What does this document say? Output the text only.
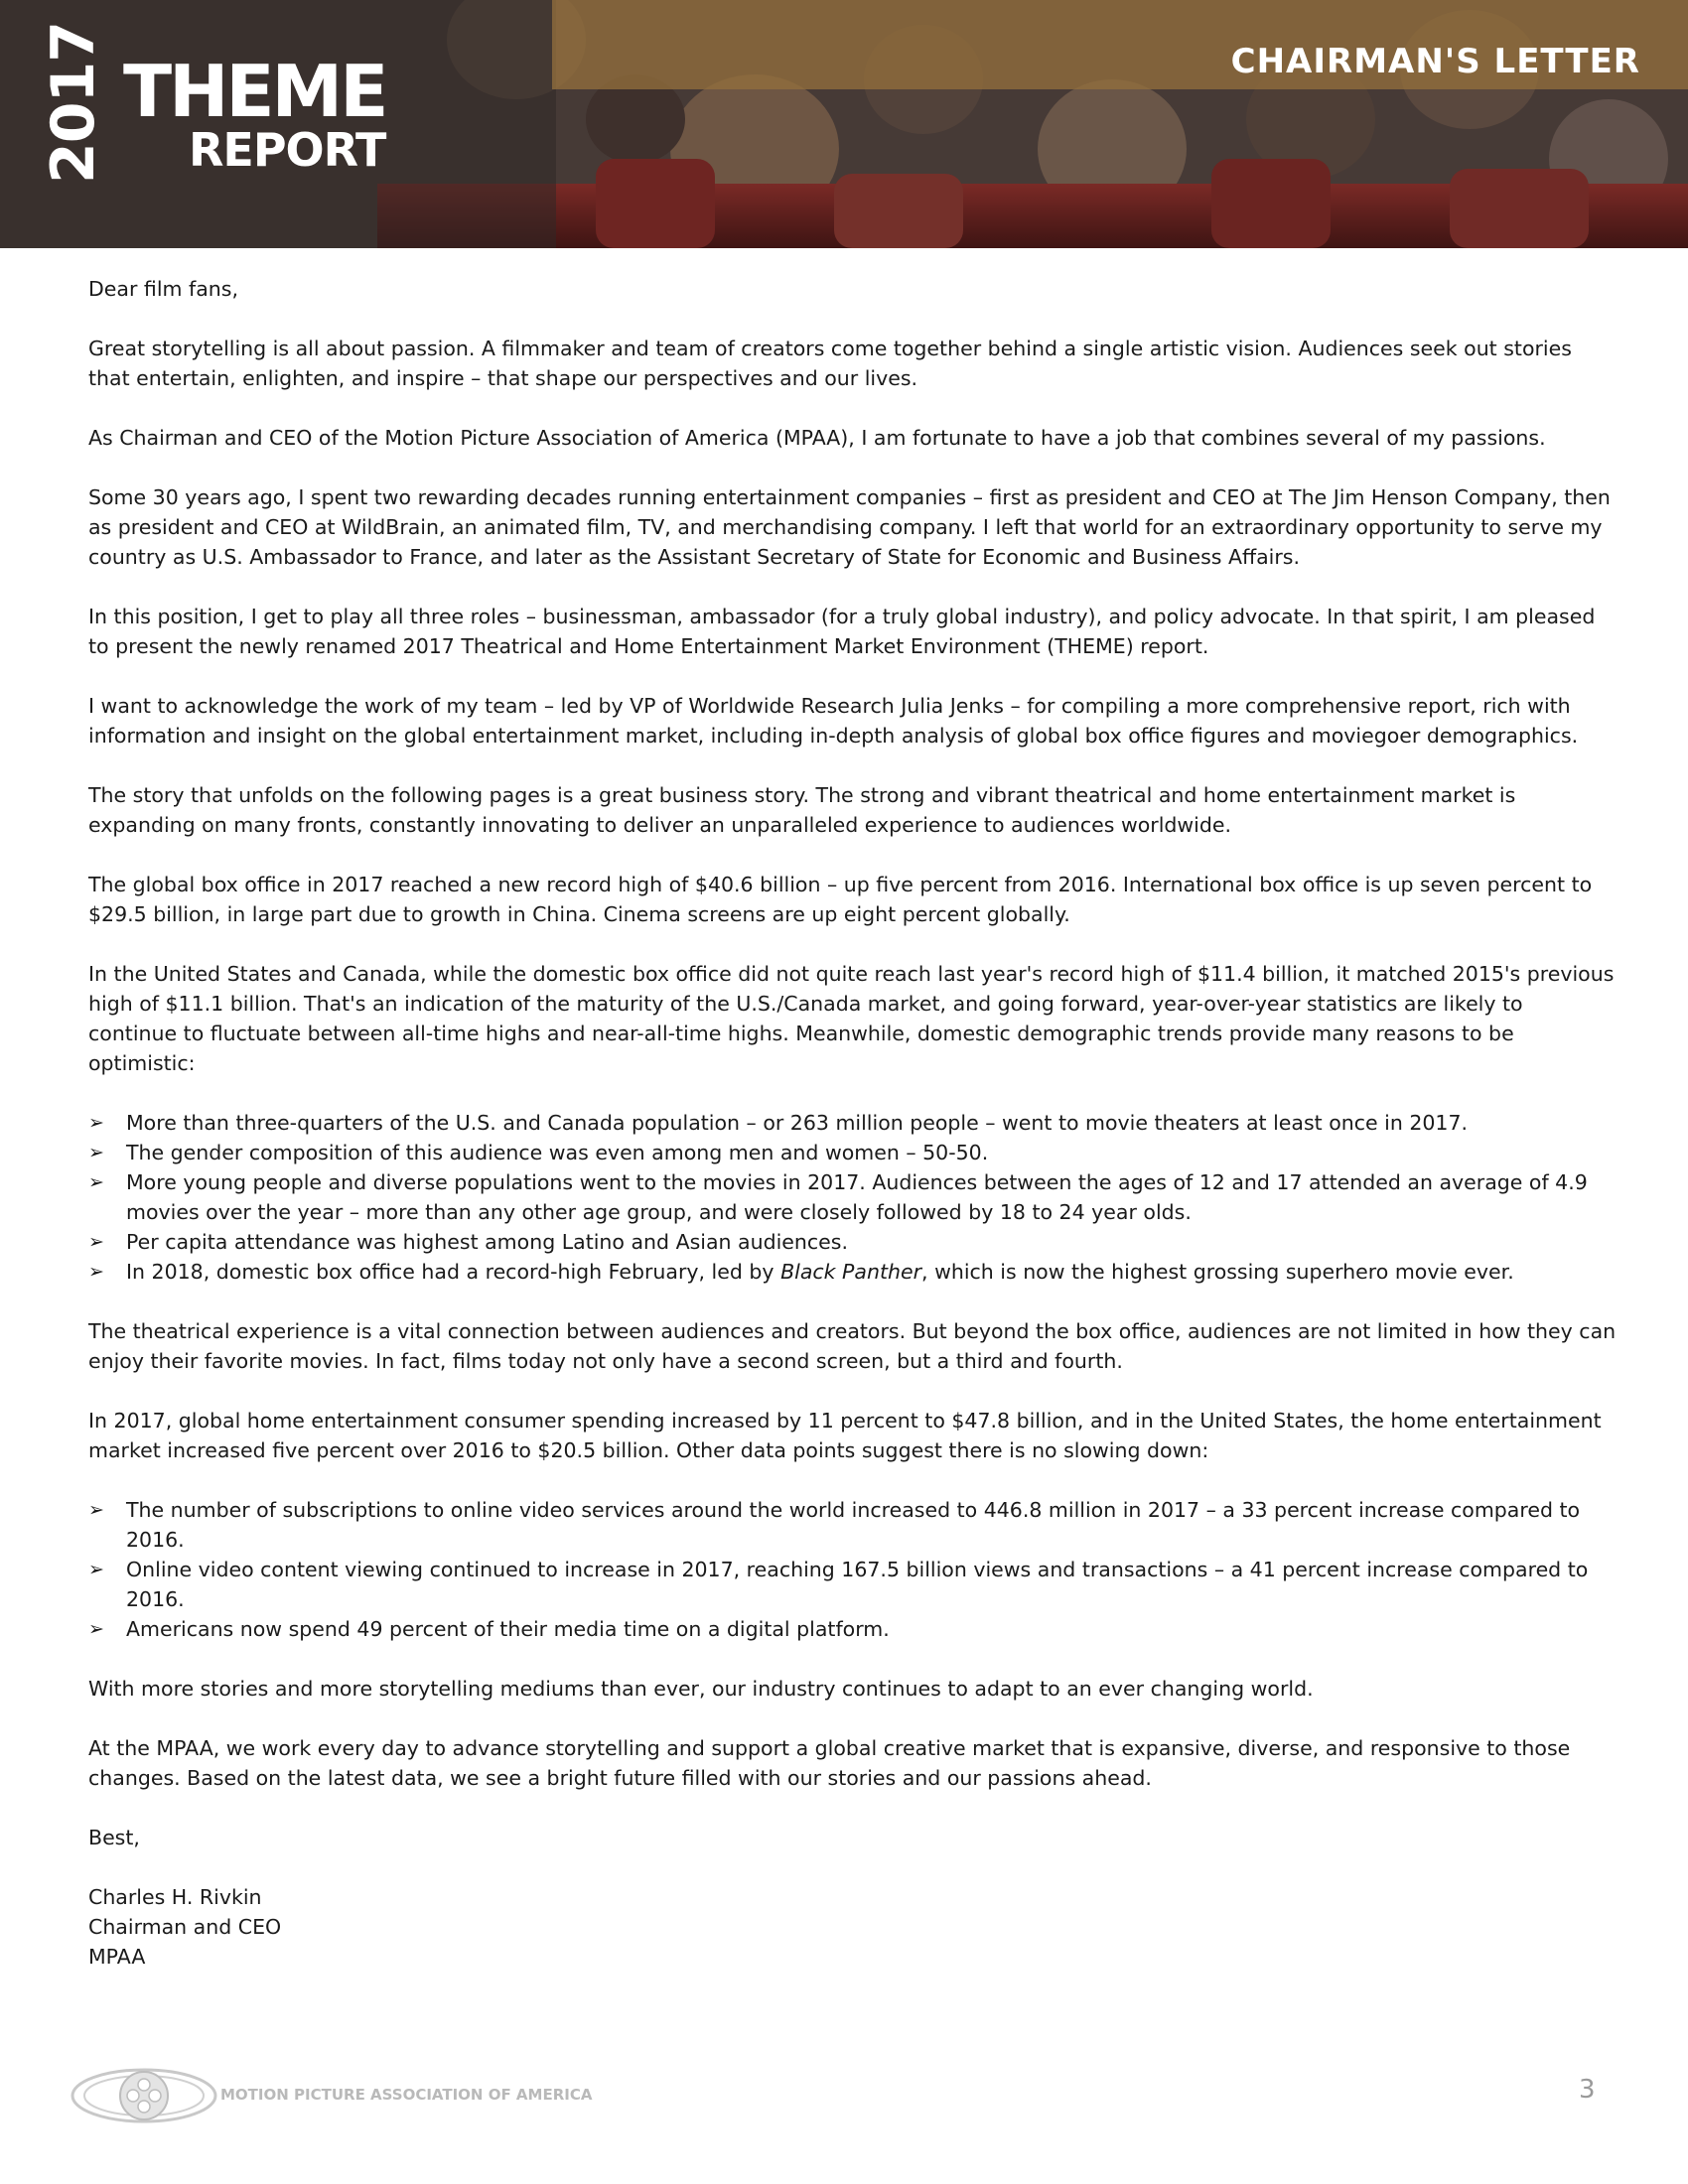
CHAIRMAN'S LETTER
2017 THEME
REPORT

Dear film fans,

Great storytelling is all about passion. A filmmaker and team of creators come together behind a single artistic vision. Audiences seek out stories that entertain, enlighten, and inspire – that shape our perspectives and our lives.

As Chairman and CEO of the Motion Picture Association of America (MPAA), I am fortunate to have a job that combines several of my passions.

Some 30 years ago, I spent two rewarding decades running entertainment companies – first as president and CEO at The Jim Henson Company, then as president and CEO at WildBrain, an animated film, TV, and merchandising company. I left that world for an extraordinary opportunity to serve my country as U.S. Ambassador to France, and later as the Assistant Secretary of State for Economic and Business Affairs.

In this position, I get to play all three roles – businessman, ambassador (for a truly global industry), and policy advocate. In that spirit, I am pleased to present the newly renamed 2017 Theatrical and Home Entertainment Market Environment (THEME) report.

I want to acknowledge the work of my team – led by VP of Worldwide Research Julia Jenks – for compiling a more comprehensive report, rich with information and insight on the global entertainment market, including in-depth analysis of global box office figures and moviegoer demographics.

The story that unfolds on the following pages is a great business story. The strong and vibrant theatrical and home entertainment market is expanding on many fronts, constantly innovating to deliver an unparalleled experience to audiences worldwide.

The global box office in 2017 reached a new record high of $40.6 billion – up five percent from 2016. International box office is up seven percent to $29.5 billion, in large part due to growth in China. Cinema screens are up eight percent globally.

In the United States and Canada, while the domestic box office did not quite reach last year's record high of $11.4 billion, it matched 2015's previous high of $11.1 billion. That's an indication of the maturity of the U.S./Canada market, and going forward, year-over-year statistics are likely to continue to fluctuate between all-time highs and near-all-time highs. Meanwhile, domestic demographic trends provide many reasons to be optimistic:

➢ More than three-quarters of the U.S. and Canada population – or 263 million people – went to movie theaters at least once in 2017.
➢ The gender composition of this audience was even among men and women – 50-50.
➢ More young people and diverse populations went to the movies in 2017. Audiences between the ages of 12 and 17 attended an average of 4.9 movies over the year – more than any other age group, and were closely followed by 18 to 24 year olds.
➢ Per capita attendance was highest among Latino and Asian audiences.
➢ In 2018, domestic box office had a record-high February, led by Black Panther, which is now the highest grossing superhero movie ever.

The theatrical experience is a vital connection between audiences and creators. But beyond the box office, audiences are not limited in how they can enjoy their favorite movies. In fact, films today not only have a second screen, but a third and fourth.

In 2017, global home entertainment consumer spending increased by 11 percent to $47.8 billion, and in the United States, the home entertainment market increased five percent over 2016 to $20.5 billion. Other data points suggest there is no slowing down:

➢ The number of subscriptions to online video services around the world increased to 446.8 million in 2017 – a 33 percent increase compared to 2016.
➢ Online video content viewing continued to increase in 2017, reaching 167.5 billion views and transactions – a 41 percent increase compared to 2016.
➢ Americans now spend 49 percent of their media time on a digital platform.

With more stories and more storytelling mediums than ever, our industry continues to adapt to an ever changing world.

At the MPAA, we work every day to advance storytelling and support a global creative market that is expansive, diverse, and responsive to those changes. Based on the latest data, we see a bright future filled with our stories and our passions ahead.

Best,

Charles H. Rivkin

Chairman and CEO

MPAA

MOTION PICTURE ASSOCIATION OF AMERICA	3
